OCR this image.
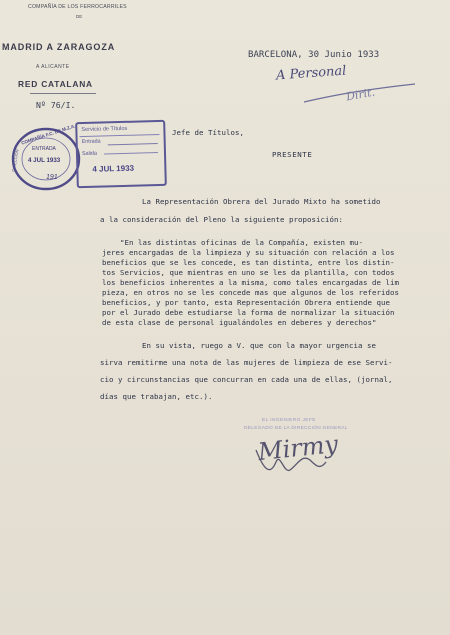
COMPAÑÍA DE LOS FERROCARRILES
DE
MADRID A ZARAGOZA
A ALICANTE
RED CATALANA
Nº 76/I.
BARCELONA, 30 Junio 1933
A Personal
Dirit.
COMPAÑÍA F.C. DE M.Z.A.
DIRECCIÓN
ENTRADA
4 JUL 1933
191
Servicio de Títulos
Entrada
Salida
4 JUL 1933
Jefe de Títulos,
PRESENTE
La Representación Obrera del Jurado Mixto ha sometido
a la consideración del Pleno la siguiente proposición:
"En las distintas oficinas de la Compañía, existen mu-
jeres encargadas de la limpieza y su situación con relación a los
beneficios que se les concede, es tan distinta, entre los distin-
tos Servicios, que mientras en uno se les da plantilla, con todos
los beneficios inherentes a la misma, como tales encargadas de lim
pieza, en otros no se les concede mas que algunos de los referidos
beneficios, y por tanto, esta Representación Obrera entiende que
por el Jurado debe estudiarse la forma de normalizar la situación
de esta clase de personal igualándoles en deberes y derechos"
En su vista, ruego a V. que con la mayor urgencia se
sirva remitirme una nota de las mujeres de limpieza de ese Servi-
cio y circunstancias que concurran en cada una de ellas, (jornal,
días que trabajan, etc.).
EL INGENIERO JEFE
DELEGADO DE LA DIRECCIÓN GENERAL
Mirmy
